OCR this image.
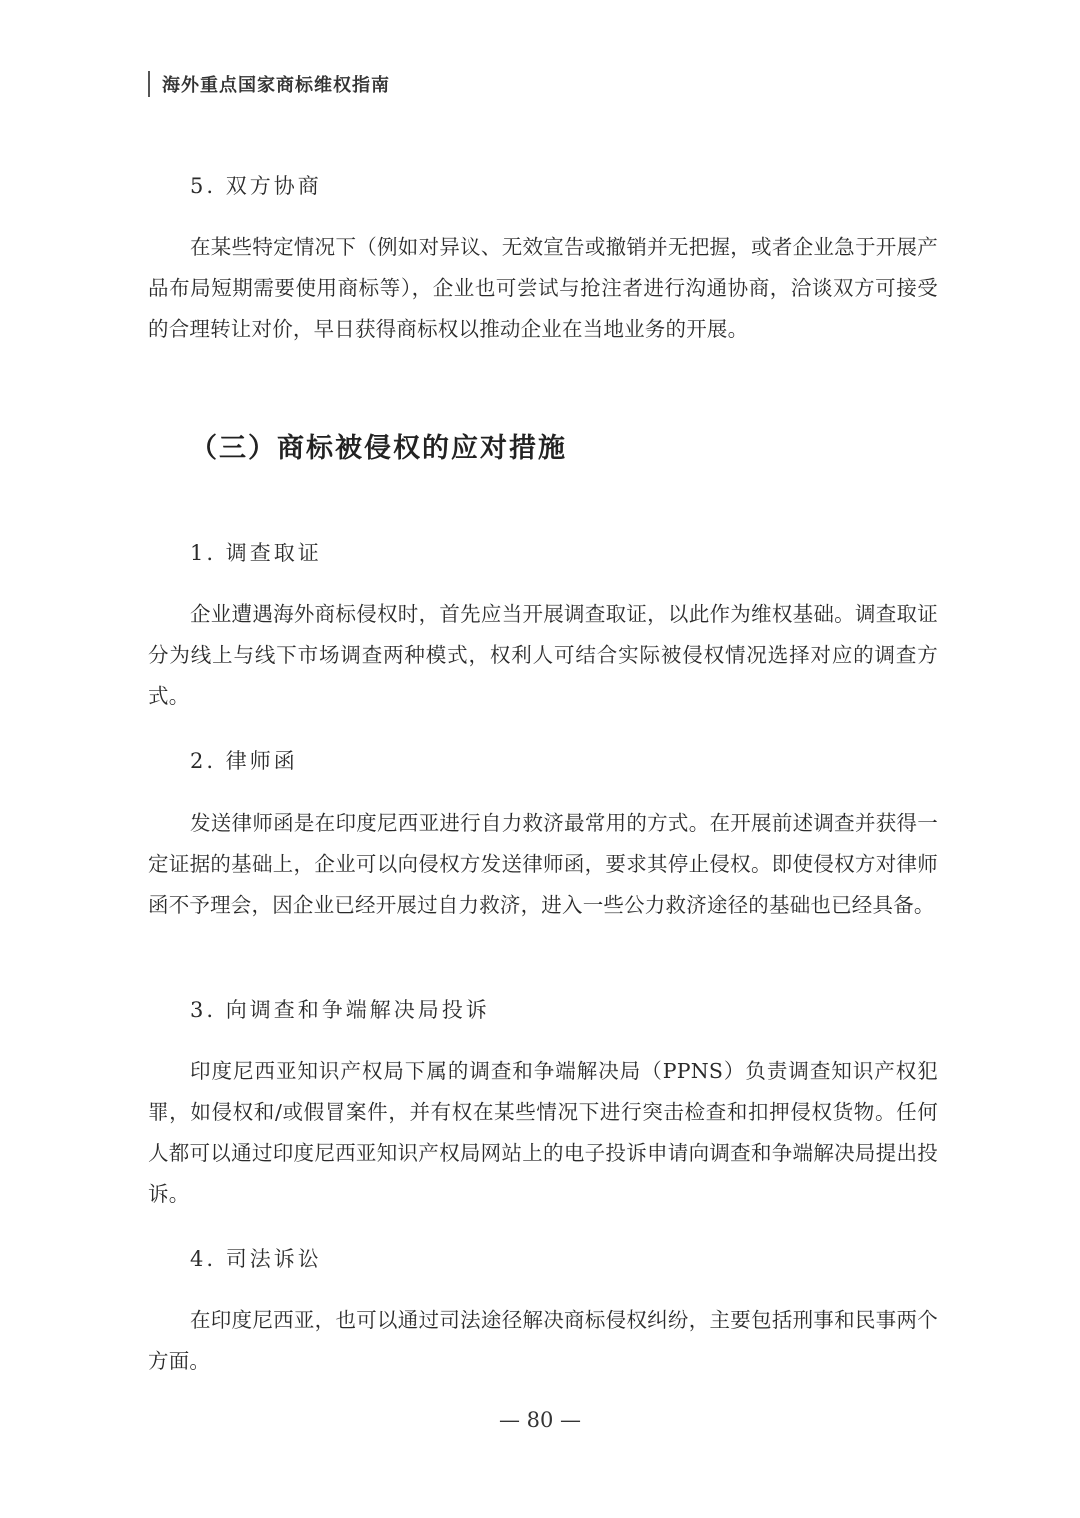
海外重点国家商标维权指南
5. 双方协商
在某些特定情况下（例如对异议、无效宣告或撤销并无把握，或者企业急于开展产品布局短期需要使用商标等），企业也可尝试与抢注者进行沟通协商，洽谈双方可接受的合理转让对价，早日获得商标权以推动企业在当地业务的开展。
（三）商标被侵权的应对措施
1. 调查取证
企业遭遇海外商标侵权时，首先应当开展调查取证，以此作为维权基础。调查取证分为线上与线下市场调查两种模式，权利人可结合实际被侵权情况选择对应的调查方式。
2. 律师函
发送律师函是在印度尼西亚进行自力救济最常用的方式。在开展前述调查并获得一定证据的基础上，企业可以向侵权方发送律师函，要求其停止侵权。即使侵权方对律师函不予理会，因企业已经开展过自力救济，进入一些公力救济途径的基础也已经具备。
3. 向调查和争端解决局投诉
印度尼西亚知识产权局下属的调查和争端解决局（PPNS）负责调查知识产权犯罪，如侵权和/或假冒案件，并有权在某些情况下进行突击检查和扣押侵权货物。任何人都可以通过印度尼西亚知识产权局网站上的电子投诉申请向调查和争端解决局提出投诉。
4. 司法诉讼
在印度尼西亚，也可以通过司法途径解决商标侵权纠纷，主要包括刑事和民事两个方面。
— 80 —
